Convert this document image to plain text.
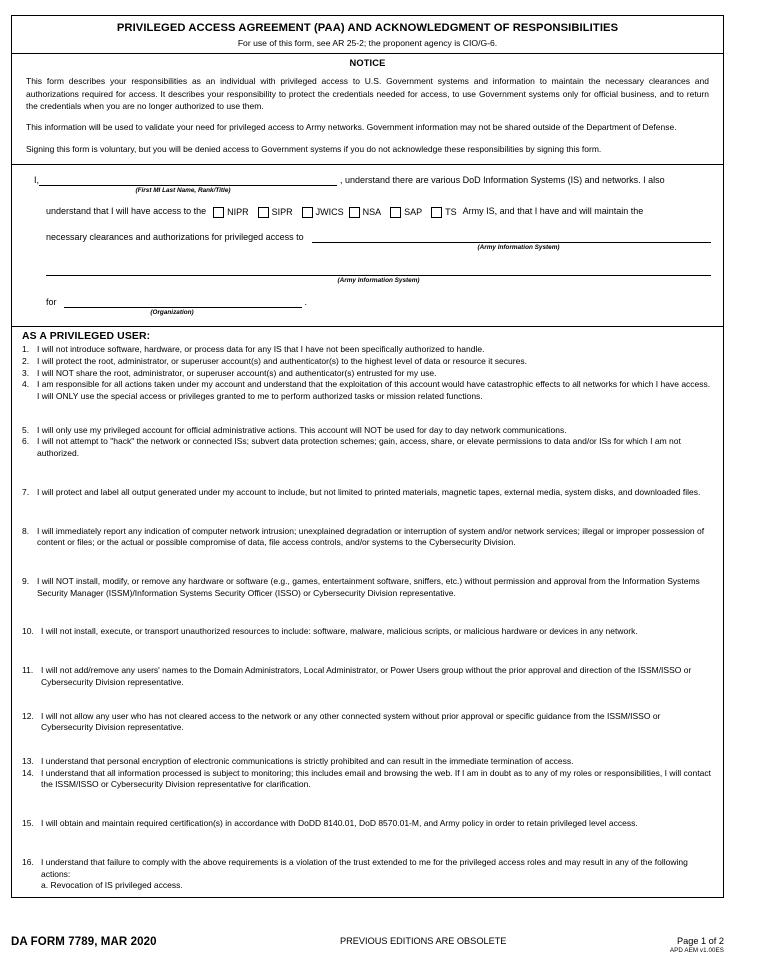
PRIVILEGED ACCESS AGREEMENT (PAA) AND ACKNOWLEDGMENT OF RESPONSIBILITIES
For use of this form, see AR 25-2; the proponent agency is CIO/G-6.
NOTICE

This form describes your responsibilities as an individual with privileged access to U.S. Government systems and information to maintain the necessary clearances and authorizations required for access. It describes your responsibility to protect the credentials needed for access, to use Government systems only for official business, and to return the credentials when you are no longer authorized to use them.

This information will be used to validate your need for privileged access to Army networks. Government information may not be shared outside of the Department of Defense.

Signing this form is voluntary, but you will be denied access to Government systems if you do not acknowledge these responsibilities by signing this form.

I,	, understand there are various DoD Information Systems (IS) and networks. I also
(First MI Last Name, Rank/Title)
understand that I will have access to the NIPR	SIPR	JWICS NSA	SAP	TS Army IS, and that I have and will maintain the
necessary clearances and authorizations for privileged access to
(Army Information System)
(Army Information System)
for	.
(Organization)
AS A PRIVILEGED USER:
1. I will not introduce software, hardware, or process data for any IS that I have not been specifically authorized to handle.
2. I will protect the root, administrator, or superuser account(s) and authenticator(s) to the highest level of data or resource it secures.
3. I will NOT share the root, administrator, or superuser account(s) and authenticator(s) entrusted for my use.
4. I am responsible for all actions taken under my account and understand that the exploitation of this account would have catastrophic effects to all networks for which I have access. I will ONLY use the special access or privileges granted to me to perform authorized tasks or mission related functions.
5. I will only use my privileged account for official administrative actions. This account will NOT be used for day to day network communications.
6. I will not attempt to "hack" the network or connected ISs; subvert data protection schemes; gain, access, share, or elevate permissions to data and/or ISs for which I am not authorized.
7. I will protect and label all output generated under my account to include, but not limited to printed materials, magnetic tapes, external media, system disks, and downloaded files.
8. I will immediately report any indication of computer network intrusion; unexplained degradation or interruption of system and/or network services; illegal or improper possession of content or files; or the actual or possible compromise of data, file access controls, and/or systems to the Cybersecurity Division.
9. I will NOT install, modify, or remove any hardware or software (e.g., games, entertainment software, sniffers, etc.) without permission and approval from the Information Systems Security Manager (ISSM)/Information Systems Security Officer (ISSO) or Cybersecurity Division representative.
10. I will not install, execute, or transport unauthorized resources to include: software, malware, malicious scripts, or malicious hardware or devices in any network.
11. I will not add/remove any users' names to the Domain Administrators, Local Administrator, or Power Users group without the prior approval and direction of the ISSM/ISSO or Cybersecurity Division representative.
12. I will not allow any user who has not cleared access to the network or any other connected system without prior approval or specific guidance from the ISSM/ISSO or Cybersecurity Division representative.
13. I understand that personal encryption of electronic communications is strictly prohibited and can result in the immediate termination of access.
14. I understand that all information processed is subject to monitoring; this includes email and browsing the web. If I am in doubt as to any of my roles or responsibilities, I will contact the ISSM/ISSO or Cybersecurity Division representative for clarification.
15. I will obtain and maintain required certification(s) in accordance with DoDD 8140.01, DoD 8570.01-M, and Army policy in order to retain privileged level access.
16. I understand that failure to comply with the above requirements is a violation of the trust extended to me for the privileged access roles and may result in any of the following actions:
a. Revocation of IS privileged access.
DA FORM 7789, MAR 2020	PREVIOUS EDITIONS ARE OBSOLETE	Page 1 of 2
APD AEM v1.00ES
